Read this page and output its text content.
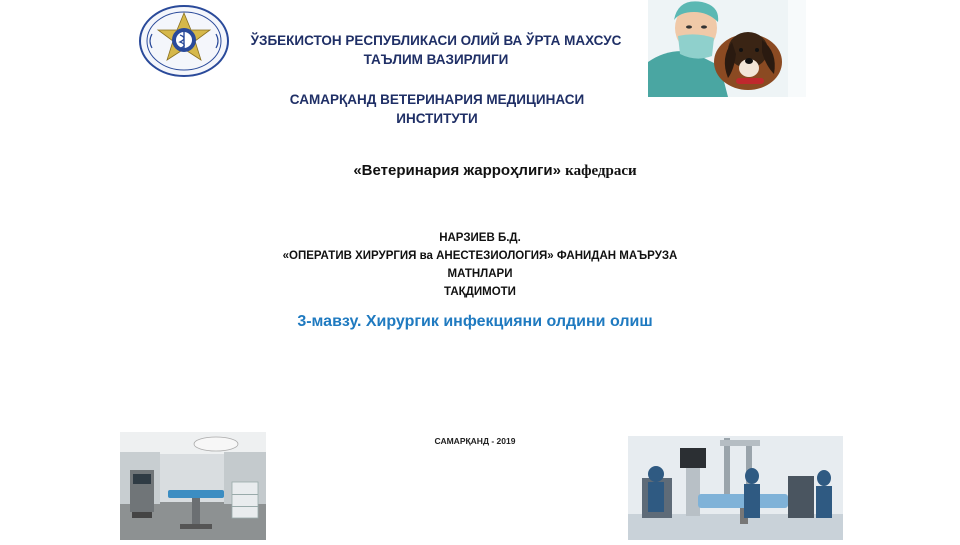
ЎЗБЕКИСТОН РЕСПУБЛИКАСИ ОЛИЙ ВА ЎРТА МАХСУС
ТАЪЛИМ ВАЗИРЛИГИ
САМАРҚАНД ВЕТЕРИНАРИЯ МЕДИЦИНАСИ
ИНСТИТУТИ
«Ветеринария жарроҳлиги» кафедраси
НАРЗИЕВ Б.Д.
«ОПЕРАТИВ ХИРУРГИЯ ва АНЕСТЕЗИОЛОГИЯ» ФАНИДАН МАЪРУЗА
МАТНЛАРИ
ТАҚДИМОТИ
3-мавзу. Хирургик инфекцияни олдини олиш
САМАРҚАНД - 2019
